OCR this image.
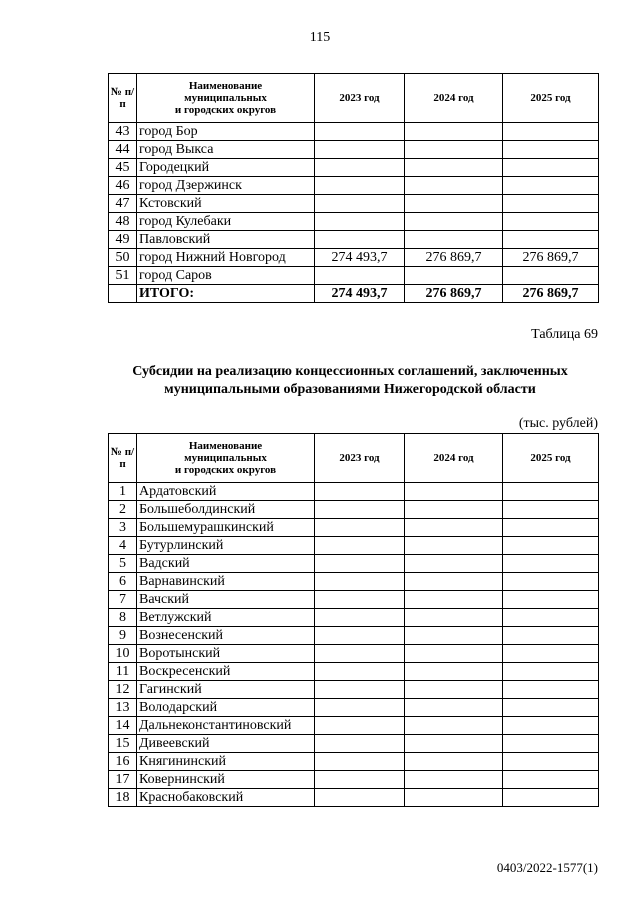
115
№ п/п	Наименование
муниципальных
и городских округов	2023 год	2024 год	2025 год
43	город Бор			
44	город Выкса			
45	Городецкий			
46	город Дзержинск			
47	Кстовский			
48	город Кулебаки			
49	Павловский			
50	город Нижний Новгород	274 493,7	276 869,7	276 869,7
51	город Саров			
	ИТОГО:	274 493,7	276 869,7	276 869,7
Таблица 69
Субсидии на реализацию концессионных соглашений, заключенных
муниципальными образованиями Нижегородской области
(тыс. рублей)
№ п/п	Наименование
муниципальных
и городских округов	2023 год	2024 год	2025 год
1	Ардатовский			
2	Большеболдинский			
3	Большемурашкинский			
4	Бутурлинский			
5	Вадский			
6	Варнавинский			
7	Вачский			
8	Ветлужский			
9	Вознесенский			
10	Воротынский			
11	Воскресенский			
12	Гагинский			
13	Володарский			
14	Дальнеконстантиновский			
15	Дивеевский			
16	Княгининский			
17	Ковернинский			
18	Краснобаковский			
0403/2022-1577(1)
